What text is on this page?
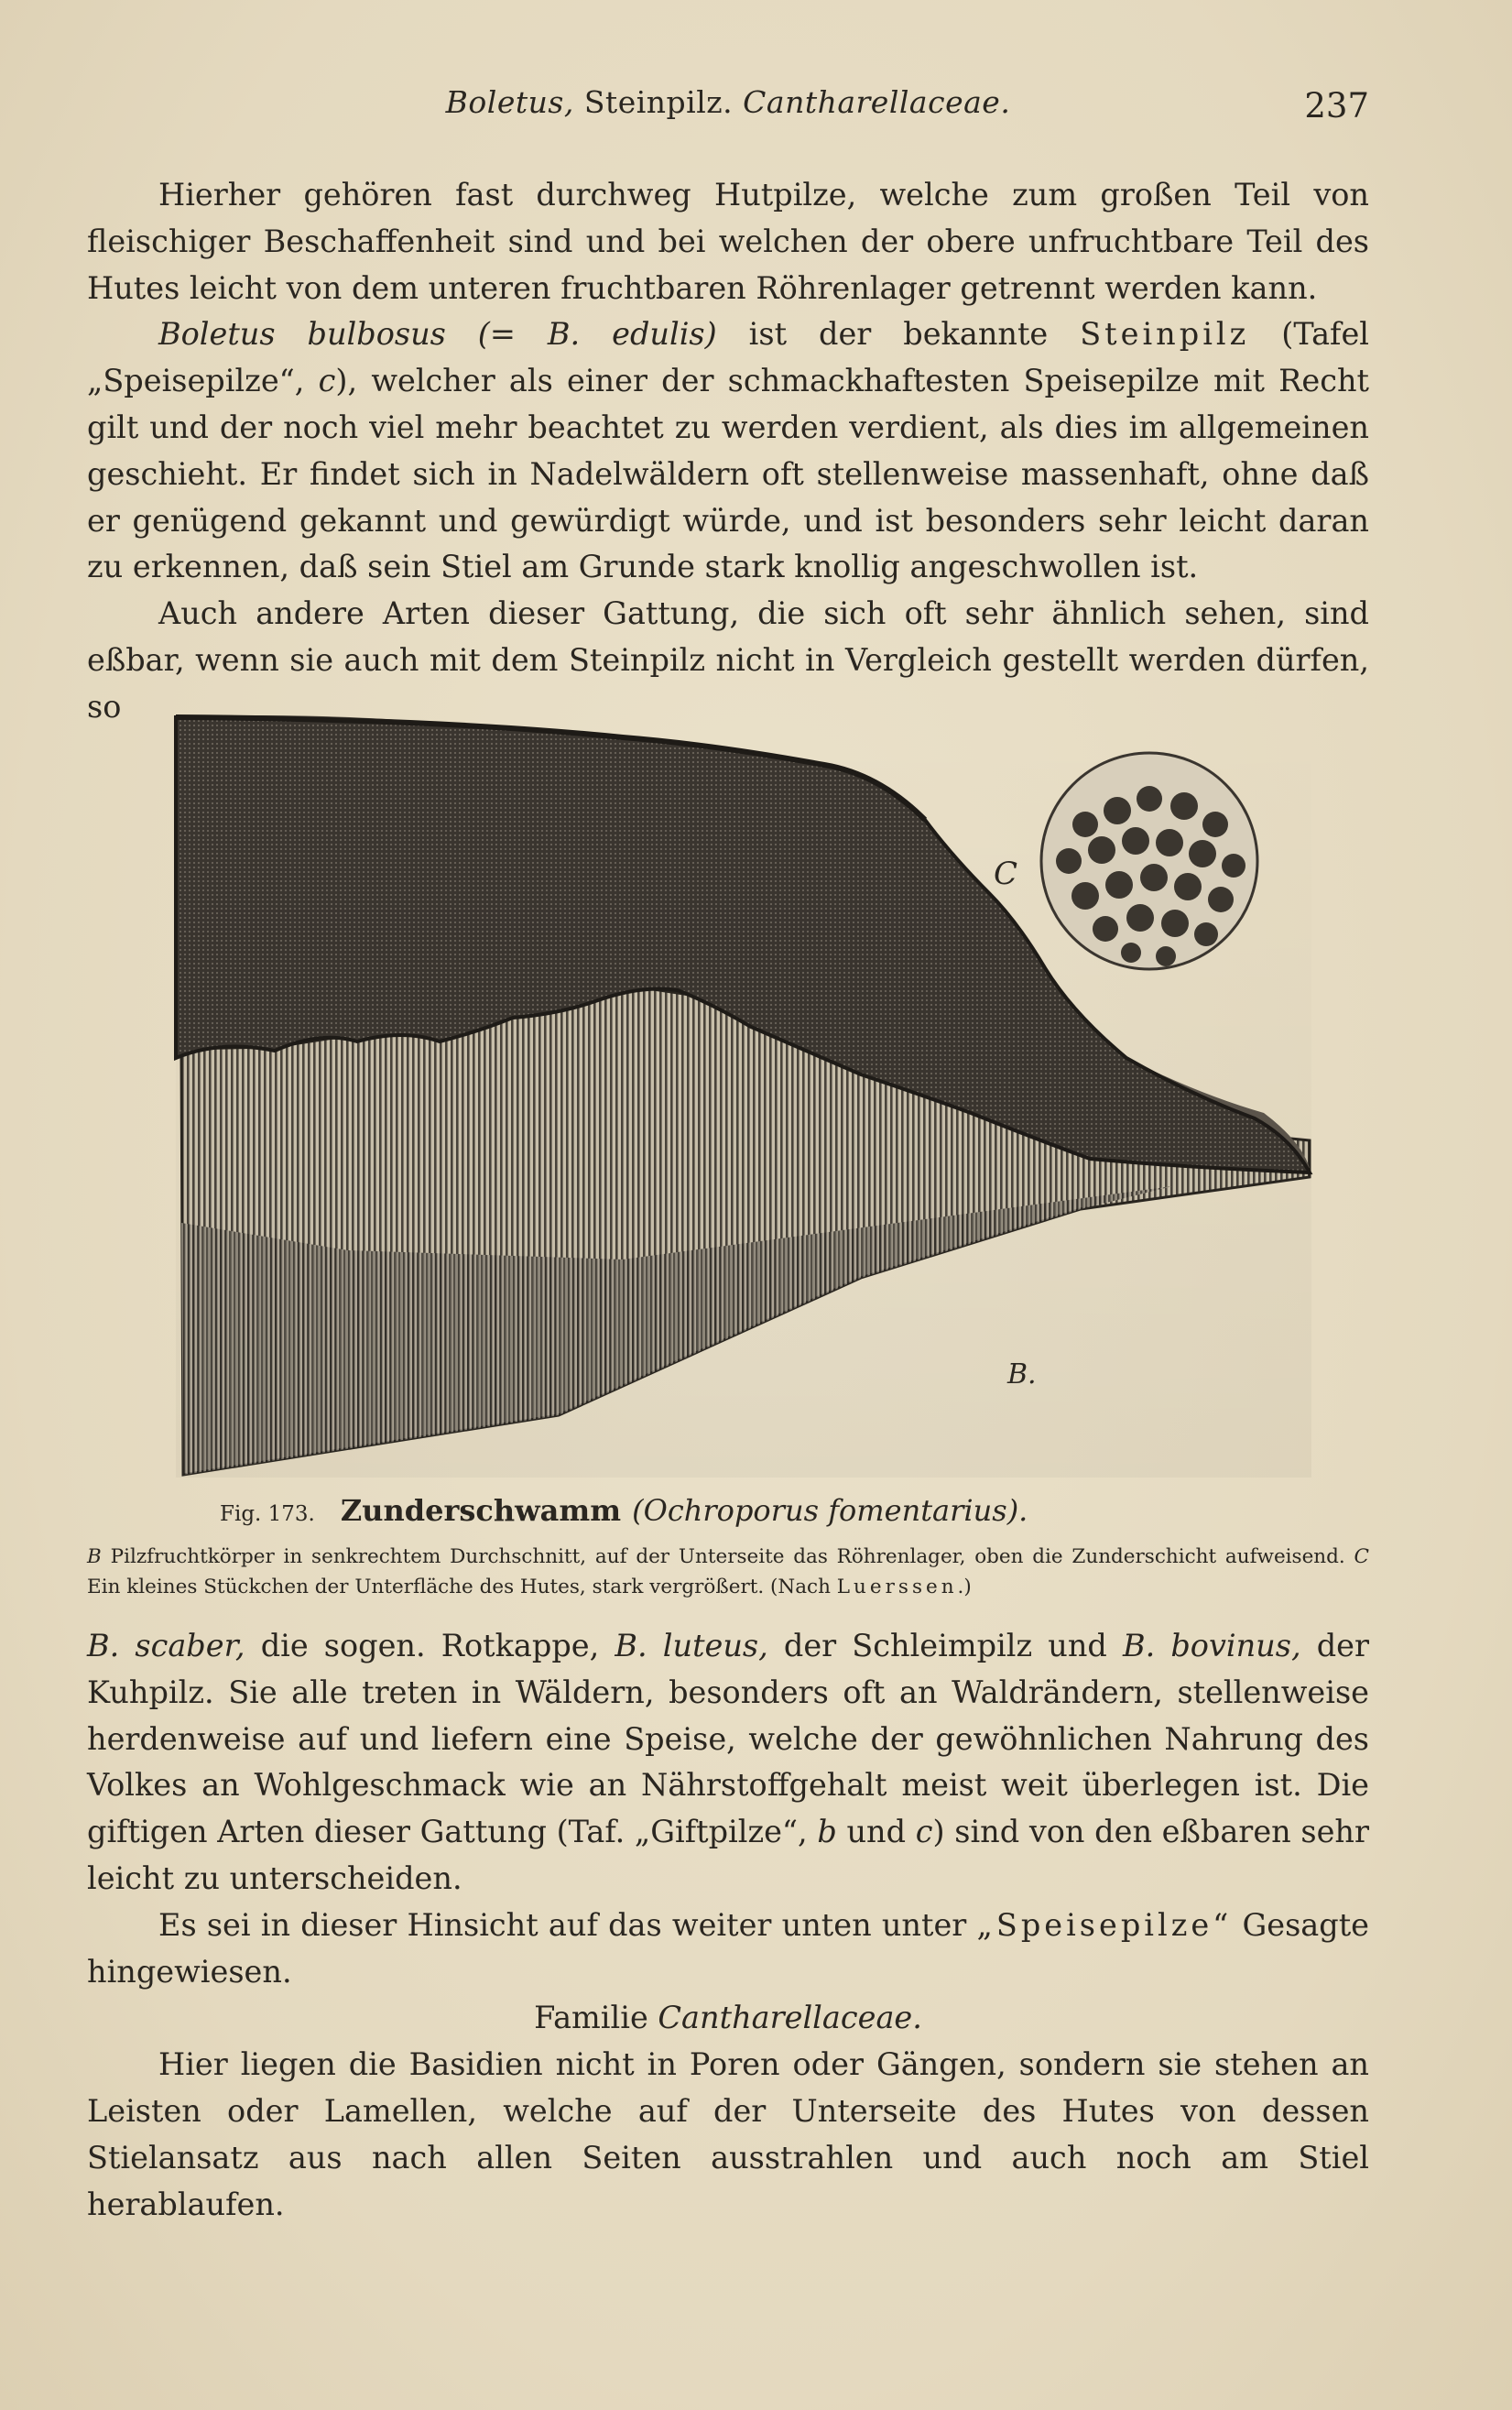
Boletus, Steinpilz. Cantharellaceae.	237

Hierher gehören fast durchweg Hutpilze, welche zum großen Teil von fleischiger Beschaffenheit sind und bei welchen der obere unfruchtbare Teil des Hutes leicht von dem unteren fruchtbaren Röhrenlager getrennt werden kann.

Boletus bulbosus (= B. edulis) ist der bekannte Steinpilz (Tafel „Speisepilze“, c), welcher als einer der schmackhaftesten Speisepilze mit Recht gilt und der noch viel mehr beachtet zu werden verdient, als dies im allgemeinen geschieht. Er findet sich in Nadelwäldern oft stellenweise massenhaft, ohne daß er genügend gekannt und gewürdigt würde, und ist besonders sehr leicht daran zu erkennen, daß sein Stiel am Grunde stark knollig angeschwollen ist.

Auch andere Arten dieser Gattung, die sich oft sehr ähnlich sehen, sind eßbar, wenn sie auch mit dem Steinpilz nicht in Vergleich gestellt werden dürfen, so

C
B.
Fig. 173. Zunderschwamm (Ochroporus fomentarius).
B Pilzfruchtkörper in senkrechtem Durchschnitt, auf der Unterseite das Röhrenlager, oben die Zunderschicht aufweisend. C Ein kleines Stückchen der Unterfläche des Hutes, stark vergrößert. (Nach Luerssen.)

B. scaber, die sogen. Rotkappe, B. luteus, der Schleimpilz und B. bovinus, der Kuhpilz. Sie alle treten in Wäldern, besonders oft an Waldrändern, stellenweise herdenweise auf und liefern eine Speise, welche der gewöhnlichen Nahrung des Volkes an Wohlgeschmack wie an Nährstoffgehalt meist weit überlegen ist. Die giftigen Arten dieser Gattung (Taf. „Giftpilze“, b und c) sind von den eßbaren sehr leicht zu unterscheiden.

Es sei in dieser Hinsicht auf das weiter unten unter „Speisepilze“ Gesagte hingewiesen.

Familie Cantharellaceae.

Hier liegen die Basidien nicht in Poren oder Gängen, sondern sie stehen an Leisten oder Lamellen, welche auf der Unterseite des Hutes von dessen Stielansatz aus nach allen Seiten ausstrahlen und auch noch am Stiel herablaufen.
